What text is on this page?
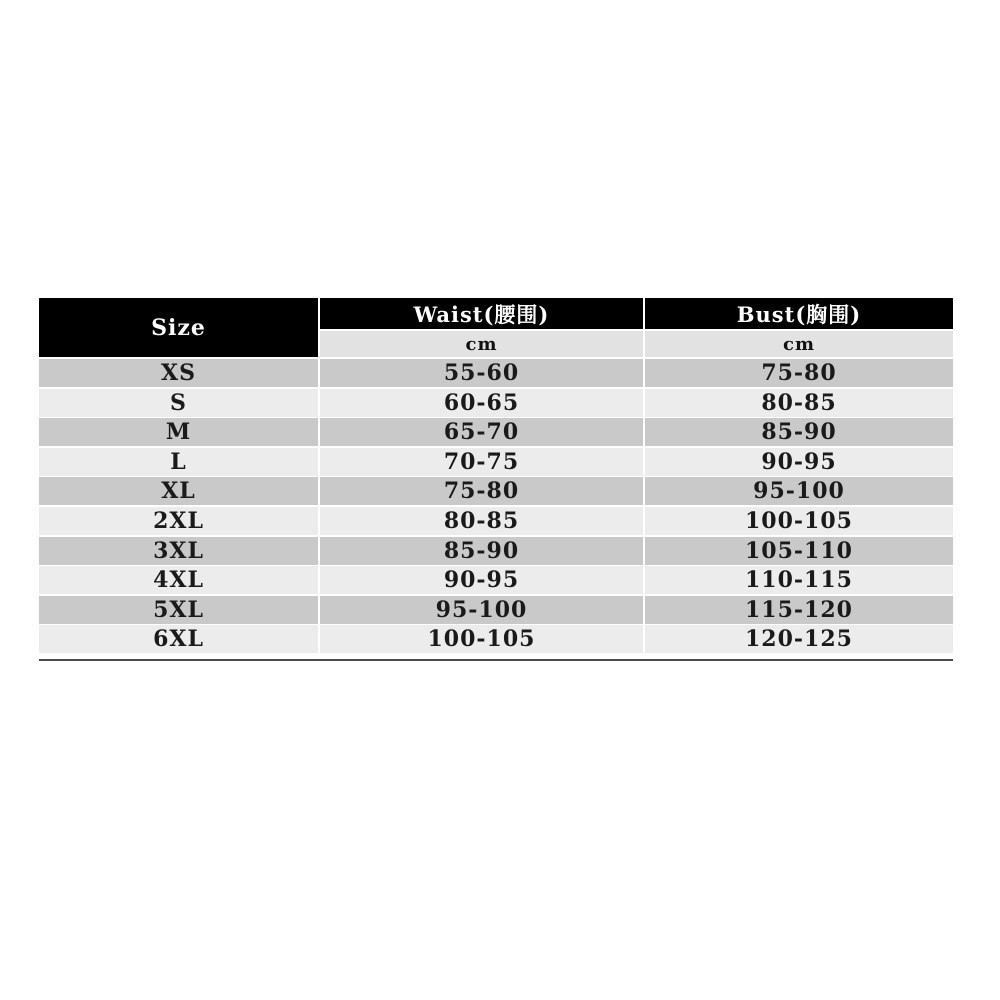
Size
Waist(腰围)	Bust(胸围)
cm	cm
XS	55-60	75-80
S	60-65	80-85
M	65-70	85-90
L	70-75	90-95
XL	75-80	95-100
2XL	80-85	100-105
3XL	85-90	105-110
4XL	90-95	110-115
5XL	95-100	115-120
6XL	100-105	120-125
